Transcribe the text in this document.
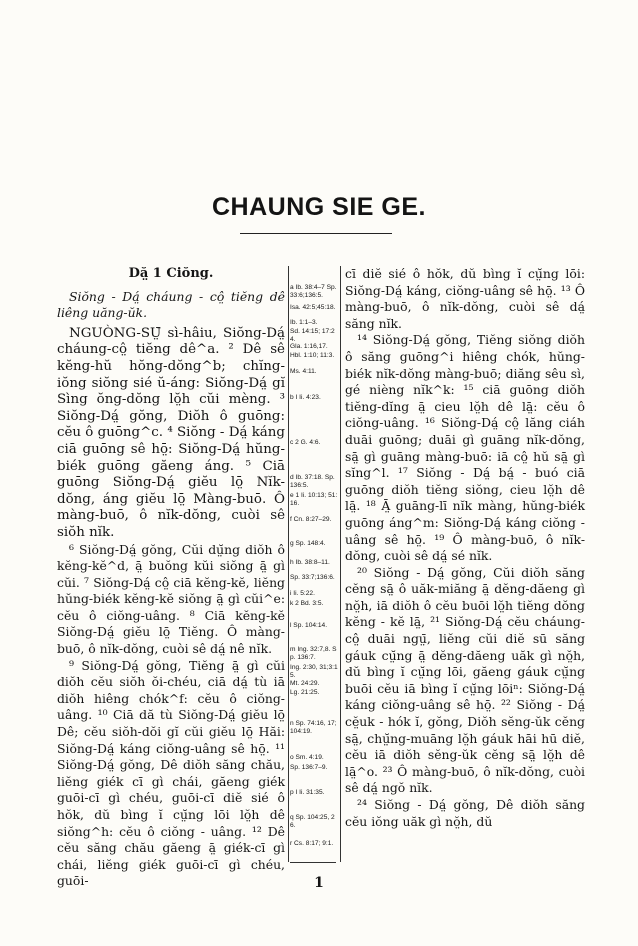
CHAUNG SIE GE.

Dă̤ 1 Ciŏng.

Siŏng - Dá̤ cháung - cô̤ tiĕng dê liêng uăng-ŭk.

NGUÒNG-SṲ̄ sì-hâiu, Siŏng-Dá̤ cháung-cô̤ tiĕng dê^a. ² Dê sê kĕng-hŭ hŏng-dŏng^b; chĭng-iŏng siŏng sié ŭ-áng: Siŏng-Dá̤ gĭ Sìng ŏng-dŏng lŏ̤h cŭi mèng. ³ Siŏng-Dá̤ gŏng, Diŏh ô guōng: cĕu ô guōng^c. ⁴ Siŏng - Dá̤ káng ciā guōng sê hō̤: Siŏng-Dá̤ hŭng-biék guōng găeng áng. ⁵ Ciā guōng Siŏng-Dá̤ giĕu lō̤ Nĭk-dŏng, áng giĕu lō̤ Màng-buō. Ô màng-buō, ô nĭk-dŏng, cuòi sê siŏh nĭk.

⁶ Siŏng-Dá̤ gŏng, Cŭi dṳ̆ng diŏh ô kĕng-kĕ^d, ā̤ buŏng kŭi siŏng ā̤ gì cŭi. ⁷ Siŏng-Dá̤ cô̤ ciā kĕng-kĕ, liĕng hŭng-biék kĕng-kĕ siŏng ā̤ gì cŭi^e: cĕu ô ciŏng-uâng. ⁸ Ciā kĕng-kĕ Siŏng-Dá̤ giĕu lō̤ Tiĕng. Ô màng-buō, ô nĭk-dŏng, cuòi sê dá̤ nê nĭk.

⁹ Siŏng-Dá̤ gŏng, Tiĕng ā̤ gì cŭi diŏh cĕu siŏh ŏi-chéu, ciā dá̤ tù iā diŏh hiêng chók^f: cĕu ô ciŏng-uâng. ¹⁰ Ciā dă tù Siŏng-Dá̤ giĕu lō̤ Dê; cĕu siŏh-dŏi gĭ cŭi giĕu lō̤ Hăi: Siŏng-Dá̤ káng ciŏng-uâng sê hō̤. ¹¹ Siŏng-Dá̤ gŏng, Dê diŏh săng chău, liĕng giék cī gì chái, găeng giék guōi-cī gì chéu, guōi-cī diĕ sié ô hŏk, dŭ bìng ĭ cṳ̆ng lōi lŏ̤h dê siŏng^h: cĕu ô ciŏng - uâng. ¹² Dê cĕu săng chău găeng ā̤ giék-cī gì chái, liĕng giék guōi-cī gì chéu, guōi-

a Ib. 38:4–7 Sp. 33:6;136:5.
Isa. 42:5;45:18.
Ib. 1:1–3.
Sd. 14:15; 17:24.
Gla. 1:16,17.
Hbl. 1:10; 11:3.
Ms. 4:11.
b I Ii. 4:23.
c 2 G. 4:6.
d Ib. 37:18. Sp. 136:5.
e 1 Ii. 10:13; 51:16.
f Cn. 8:27–29.
g Sp. 148:4.
h Ib. 38:8–11.
Sp. 33:7;136:6.
i Ii. 5:22.
k 2 Bd. 3:5.
l Sp. 104:14.
m Ing. 32:7,8. Sp. 136:7.
Ing. 2:30, 31;3:15.
Mt. 24:29.
Lg. 21:25.
n Sp. 74:16, 17;104:19.
o Sm. 4:19.
Sp. 136:7–9.
p I Ii. 31:35.
q Sp. 104:25, 26.
r Cs. 8:17; 9:1.

cī diĕ sié ô hŏk, dŭ bìng ĭ cṳ̆ng lōi: Siŏng-Dá̤ káng, ciŏng-uâng sê hō̤. ¹³ Ô màng-buō, ô nĭk-dŏng, cuòi sê dá̤ săng nĭk.

¹⁴ Siŏng-Dá̤ gŏng, Tiĕng siŏng diŏh ô săng guōng^i hiêng chók, hŭng-biék nĭk-dŏng màng-buō; diăng sêu sì, gé nièng nĭk^k: ¹⁵ ciā guōng diŏh tiĕng-dĭng ā̤ cieu lŏ̤h dê lā̤: cĕu ô ciŏng-uâng. ¹⁶ Siŏng-Dá̤ cô̤ lăng ciáh duāi guōng; duāi gì guāng nĭk-dŏng, sā̤ gì guāng màng-buō: iā cô̤ hŭ sā̤ gì sĭng^l. ¹⁷ Siŏng - Dá̤ bá̤ - buó ciā guōng diŏh tiĕng siŏng, cieu lŏ̤h dê lā̤. ¹⁸ Ā̤ guāng-lī nĭk màng, hŭng-biék guōng áng^m: Siŏng-Dá̤ káng ciŏng - uâng sê hō̤. ¹⁹ Ô màng-buō, ô nĭk-dŏng, cuòi sê dá̤ sé nĭk.

²⁰ Siŏng - Dá̤ gŏng, Cŭi diŏh săng cĕng sā̤ ô uăk-miăng ā̤ dĕng-dăeng gì nŏ̤h, iā diŏh ô cĕu buōi lŏ̤h tiĕng dŏng kĕng - kĕ lā̤, ²¹ Siŏng-Dá̤ cĕu cháung-cô̤ duāi ngṳ̄, liĕng cŭi diĕ sū săng gáuk cṳ̆ng ā̤ dĕng-dăeng uăk gì nŏ̤h, dŭ bìng ĭ cṳ̆ng lōi, găeng gáuk cṳ̆ng buōi cĕu iā bìng ĭ cṳ̆ng lōiⁿ: Siŏng-Dá̤ káng ciŏng-uâng sê hō̤. ²² Siŏng - Dá̤ cĕ̤uk - hók ĭ, gŏng, Diŏh sĕng-ŭk cĕng sā̤, chṳ̆ng-muāng lŏ̤h gáuk hāi hū diĕ, cĕu iā diŏh sĕng-ŭk cĕng sā̤ lŏ̤h dê lā̤^o. ²³ Ô màng-buō, ô nĭk-dŏng, cuòi sê dá̤ ngŏ nĭk.

²⁴ Siŏng - Dá̤ gŏng, Dê diŏh săng cĕu iŏng uăk gì nŏ̤h, dŭ

1
